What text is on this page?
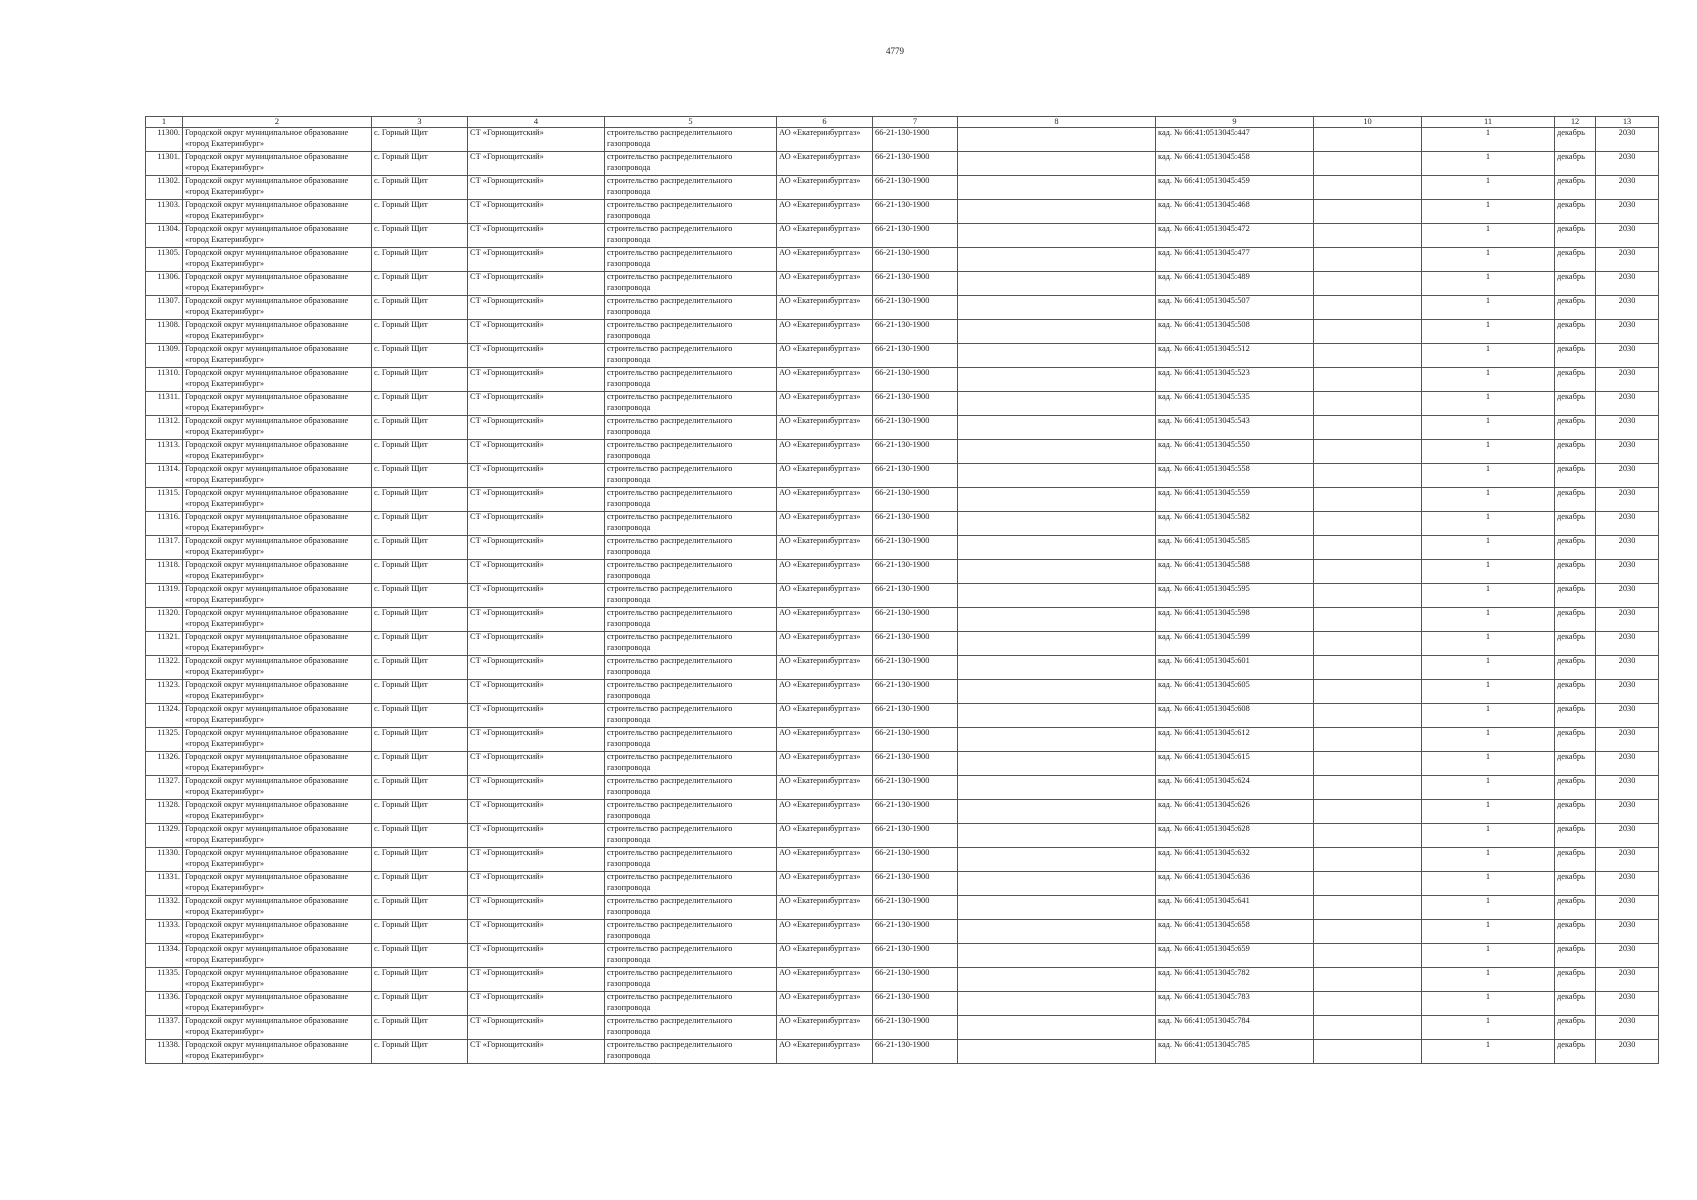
4779
1	2	3	4	5	6	7	8	9	10	11	12	13
11300.	Городской округ муниципальное образование «город Екатеринбург»	с. Горный Щит	СТ «Горнощитский»	строительство распределительного газопровода	АО «Екатеринбурггаз»	66-21-130-1900		кад. № 66:41:0513045:447		1	декабрь	2030
11301.	Городской округ муниципальное образование «город Екатеринбург»	с. Горный Щит	СТ «Горнощитский»	строительство распределительного газопровода	АО «Екатеринбурггаз»	66-21-130-1900		кад. № 66:41:0513045:458		1	декабрь	2030
11302.	Городской округ муниципальное образование «город Екатеринбург»	с. Горный Щит	СТ «Горнощитский»	строительство распределительного газопровода	АО «Екатеринбурггаз»	66-21-130-1900		кад. № 66:41:0513045:459		1	декабрь	2030
11303.	Городской округ муниципальное образование «город Екатеринбург»	с. Горный Щит	СТ «Горнощитский»	строительство распределительного газопровода	АО «Екатеринбурггаз»	66-21-130-1900		кад. № 66:41:0513045:468		1	декабрь	2030
11304.	Городской округ муниципальное образование «город Екатеринбург»	с. Горный Щит	СТ «Горнощитский»	строительство распределительного газопровода	АО «Екатеринбурггаз»	66-21-130-1900		кад. № 66:41:0513045:472		1	декабрь	2030
11305.	Городской округ муниципальное образование «город Екатеринбург»	с. Горный Щит	СТ «Горнощитский»	строительство распределительного газопровода	АО «Екатеринбурггаз»	66-21-130-1900		кад. № 66:41:0513045:477		1	декабрь	2030
11306.	Городской округ муниципальное образование «город Екатеринбург»	с. Горный Щит	СТ «Горнощитский»	строительство распределительного газопровода	АО «Екатеринбурггаз»	66-21-130-1900		кад. № 66:41:0513045:489		1	декабрь	2030
11307.	Городской округ муниципальное образование «город Екатеринбург»	с. Горный Щит	СТ «Горнощитский»	строительство распределительного газопровода	АО «Екатеринбурггаз»	66-21-130-1900		кад. № 66:41:0513045:507		1	декабрь	2030
11308.	Городской округ муниципальное образование «город Екатеринбург»	с. Горный Щит	СТ «Горнощитский»	строительство распределительного газопровода	АО «Екатеринбурггаз»	66-21-130-1900		кад. № 66:41:0513045:508		1	декабрь	2030
11309.	Городской округ муниципальное образование «город Екатеринбург»	с. Горный Щит	СТ «Горнощитский»	строительство распределительного газопровода	АО «Екатеринбурггаз»	66-21-130-1900		кад. № 66:41:0513045:512		1	декабрь	2030
11310.	Городской округ муниципальное образование «город Екатеринбург»	с. Горный Щит	СТ «Горнощитский»	строительство распределительного газопровода	АО «Екатеринбурггаз»	66-21-130-1900		кад. № 66:41:0513045:523		1	декабрь	2030
11311.	Городской округ муниципальное образование «город Екатеринбург»	с. Горный Щит	СТ «Горнощитский»	строительство распределительного газопровода	АО «Екатеринбурггаз»	66-21-130-1900		кад. № 66:41:0513045:535		1	декабрь	2030
11312.	Городской округ муниципальное образование «город Екатеринбург»	с. Горный Щит	СТ «Горнощитский»	строительство распределительного газопровода	АО «Екатеринбурггаз»	66-21-130-1900		кад. № 66:41:0513045:543		1	декабрь	2030
11313.	Городской округ муниципальное образование «город Екатеринбург»	с. Горный Щит	СТ «Горнощитский»	строительство распределительного газопровода	АО «Екатеринбурггаз»	66-21-130-1900		кад. № 66:41:0513045:550		1	декабрь	2030
11314.	Городской округ муниципальное образование «город Екатеринбург»	с. Горный Щит	СТ «Горнощитский»	строительство распределительного газопровода	АО «Екатеринбурггаз»	66-21-130-1900		кад. № 66:41:0513045:558		1	декабрь	2030
11315.	Городской округ муниципальное образование «город Екатеринбург»	с. Горный Щит	СТ «Горнощитский»	строительство распределительного газопровода	АО «Екатеринбурггаз»	66-21-130-1900		кад. № 66:41:0513045:559		1	декабрь	2030
11316.	Городской округ муниципальное образование «город Екатеринбург»	с. Горный Щит	СТ «Горнощитский»	строительство распределительного газопровода	АО «Екатеринбурггаз»	66-21-130-1900		кад. № 66:41:0513045:582		1	декабрь	2030
11317.	Городской округ муниципальное образование «город Екатеринбург»	с. Горный Щит	СТ «Горнощитский»	строительство распределительного газопровода	АО «Екатеринбурггаз»	66-21-130-1900		кад. № 66:41:0513045:585		1	декабрь	2030
11318.	Городской округ муниципальное образование «город Екатеринбург»	с. Горный Щит	СТ «Горнощитский»	строительство распределительного газопровода	АО «Екатеринбурггаз»	66-21-130-1900		кад. № 66:41:0513045:588		1	декабрь	2030
11319.	Городской округ муниципальное образование «город Екатеринбург»	с. Горный Щит	СТ «Горнощитский»	строительство распределительного газопровода	АО «Екатеринбурггаз»	66-21-130-1900		кад. № 66:41:0513045:595		1	декабрь	2030
11320.	Городской округ муниципальное образование «город Екатеринбург»	с. Горный Щит	СТ «Горнощитский»	строительство распределительного газопровода	АО «Екатеринбурггаз»	66-21-130-1900		кад. № 66:41:0513045:598		1	декабрь	2030
11321.	Городской округ муниципальное образование «город Екатеринбург»	с. Горный Щит	СТ «Горнощитский»	строительство распределительного газопровода	АО «Екатеринбурггаз»	66-21-130-1900		кад. № 66:41:0513045:599		1	декабрь	2030
11322.	Городской округ муниципальное образование «город Екатеринбург»	с. Горный Щит	СТ «Горнощитский»	строительство распределительного газопровода	АО «Екатеринбурггаз»	66-21-130-1900		кад. № 66:41:0513045:601		1	декабрь	2030
11323.	Городской округ муниципальное образование «город Екатеринбург»	с. Горный Щит	СТ «Горнощитский»	строительство распределительного газопровода	АО «Екатеринбурггаз»	66-21-130-1900		кад. № 66:41:0513045:605		1	декабрь	2030
11324.	Городской округ муниципальное образование «город Екатеринбург»	с. Горный Щит	СТ «Горнощитский»	строительство распределительного газопровода	АО «Екатеринбурггаз»	66-21-130-1900		кад. № 66:41:0513045:608		1	декабрь	2030
11325.	Городской округ муниципальное образование «город Екатеринбург»	с. Горный Щит	СТ «Горнощитский»	строительство распределительного газопровода	АО «Екатеринбурггаз»	66-21-130-1900		кад. № 66:41:0513045:612		1	декабрь	2030
11326.	Городской округ муниципальное образование «город Екатеринбург»	с. Горный Щит	СТ «Горнощитский»	строительство распределительного газопровода	АО «Екатеринбурггаз»	66-21-130-1900		кад. № 66:41:0513045:615		1	декабрь	2030
11327.	Городской округ муниципальное образование «город Екатеринбург»	с. Горный Щит	СТ «Горнощитский»	строительство распределительного газопровода	АО «Екатеринбурггаз»	66-21-130-1900		кад. № 66:41:0513045:624		1	декабрь	2030
11328.	Городской округ муниципальное образование «город Екатеринбург»	с. Горный Щит	СТ «Горнощитский»	строительство распределительного газопровода	АО «Екатеринбурггаз»	66-21-130-1900		кад. № 66:41:0513045:626		1	декабрь	2030
11329.	Городской округ муниципальное образование «город Екатеринбург»	с. Горный Щит	СТ «Горнощитский»	строительство распределительного газопровода	АО «Екатеринбурггаз»	66-21-130-1900		кад. № 66:41:0513045:628		1	декабрь	2030
11330.	Городской округ муниципальное образование «город Екатеринбург»	с. Горный Щит	СТ «Горнощитский»	строительство распределительного газопровода	АО «Екатеринбурггаз»	66-21-130-1900		кад. № 66:41:0513045:632		1	декабрь	2030
11331.	Городской округ муниципальное образование «город Екатеринбург»	с. Горный Щит	СТ «Горнощитский»	строительство распределительного газопровода	АО «Екатеринбурггаз»	66-21-130-1900		кад. № 66:41:0513045:636		1	декабрь	2030
11332.	Городской округ муниципальное образование «город Екатеринбург»	с. Горный Щит	СТ «Горнощитский»	строительство распределительного газопровода	АО «Екатеринбурггаз»	66-21-130-1900		кад. № 66:41:0513045:641		1	декабрь	2030
11333.	Городской округ муниципальное образование «город Екатеринбург»	с. Горный Щит	СТ «Горнощитский»	строительство распределительного газопровода	АО «Екатеринбурггаз»	66-21-130-1900		кад. № 66:41:0513045:658		1	декабрь	2030
11334.	Городской округ муниципальное образование «город Екатеринбург»	с. Горный Щит	СТ «Горнощитский»	строительство распределительного газопровода	АО «Екатеринбурггаз»	66-21-130-1900		кад. № 66:41:0513045:659		1	декабрь	2030
11335.	Городской округ муниципальное образование «город Екатеринбург»	с. Горный Щит	СТ «Горнощитский»	строительство распределительного газопровода	АО «Екатеринбурггаз»	66-21-130-1900		кад. № 66:41:0513045:782		1	декабрь	2030
11336.	Городской округ муниципальное образование «город Екатеринбург»	с. Горный Щит	СТ «Горнощитский»	строительство распределительного газопровода	АО «Екатеринбурггаз»	66-21-130-1900		кад. № 66:41:0513045:783		1	декабрь	2030
11337.	Городской округ муниципальное образование «город Екатеринбург»	с. Горный Щит	СТ «Горнощитский»	строительство распределительного газопровода	АО «Екатеринбурггаз»	66-21-130-1900		кад. № 66:41:0513045:784		1	декабрь	2030
11338.	Городской округ муниципальное образование «город Екатеринбург»	с. Горный Щит	СТ «Горнощитский»	строительство распределительного газопровода	АО «Екатеринбурггаз»	66-21-130-1900		кад. № 66:41:0513045:785		1	декабрь	2030
